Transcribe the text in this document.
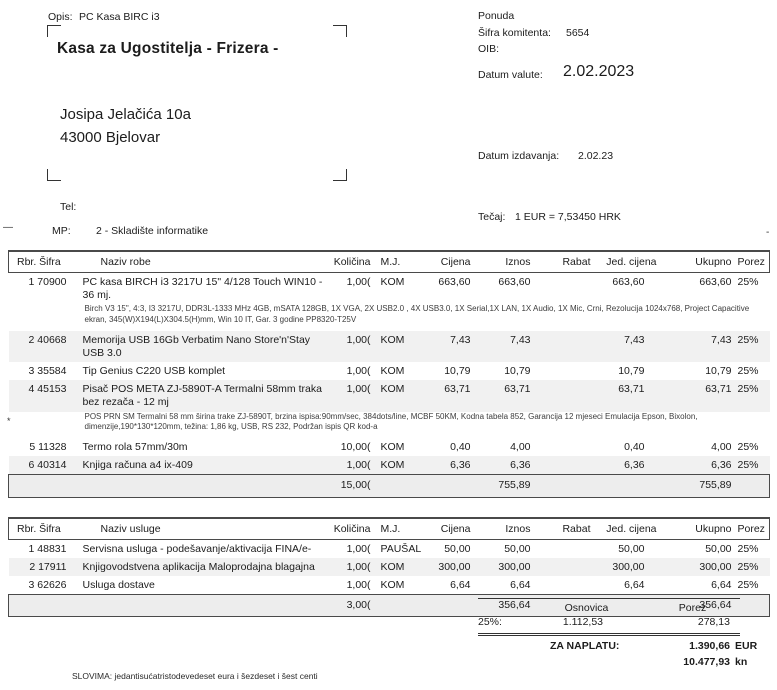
Opis: PC Kasa BIRC i3
Kasa za Ugostitelja - Frizera -
Josipa Jelačića 10a
43000 Bjelovar
Tel:
MP: 2 - Skladište informatike
—	-
*
Ponuda
Šifra komitenta: 5654
OIB:
Datum valute: 2.02.2023
Datum izdavanja: 2.02.23
Tečaj: 1 EUR = 7,53450 HRK
Rbr. Šifra	Naziv robe	Količina	M.J.	Cijena	Iznos	Rabat	Jed. cijena	Ukupno	Porez
1 70900	PC kasa BIRCH i3 3217U 15" 4/128 Touch WIN10 - 36 mj.	1,00(	KOM	663,60	663,60		663,60	663,60	25%
	Birch V3 15", 4:3, I3 3217U, DDR3L-1333 MHz 4GB, mSATA 128GB, 1X VGA, 2X USB2.0 , 4X USB3.0, 1X Serial,1X LAN, 1X Audio, 1X Mic, Crni, Rezolucija 1024x768, Project Capacitive ekran, 345(W)X194(L)X304.5(H)mm, Win 10 IT, Gar. 3 godine PP8320-T25V								
2 40668	Memorija USB 16Gb Verbatim Nano Store'n'Stay USB 3.0	1,00(	KOM	7,43	7,43		7,43	7,43	25%
3 35584	Tip Genius C220 USB komplet	1,00(	KOM	10,79	10,79		10,79	10,79	25%
4 45153	Pisač POS META ZJ-5890T-A Termalni 58mm traka bez rezača - 12 mj	1,00(	KOM	63,71	63,71		63,71	63,71	25%
	POS PRN SM Termalni 58 mm širina trake ZJ-5890T, brzina ispisa:90mm/sec, 384dots/line, MCBF 50KM, Kodna tabela 852, Garancija 12 mjeseci Emulacija Epson, Bixolon, dimenzije,190*130*120mm, težina: 1,86 kg, USB, RS 232, Podržan ispis QR kod-a								
5 11328	Termo rola 57mm/30m	10,00(	KOM	0,40	4,00		0,40	4,00	25%
6 40314	Knjiga računa a4 ix-409	1,00(	KOM	6,36	6,36		6,36	6,36	25%
		15,00(			755,89			755,89	
Rbr. Šifra	Naziv usluge	Količina	M.J.	Cijena	Iznos	Rabat	Jed. cijena	Ukupno	Porez
1 48831	Servisna usluga - podešavanje/aktivacija FINA/e-	1,00(	PAUŠAL	50,00	50,00		50,00	50,00	25%
2 17911	Knjigovodstvena aplikacija Maloprodajna blagajna	1,00(	KOM	300,00	300,00		300,00	300,00	25%
3 62626	Usluga dostave	1,00(	KOM	6,64	6,64		6,64	6,64	25%
		3,00(			356,64			356,64	
Osnovica	Porez
25%:	1.112,53	278,13
ZA NAPLATU:	1.390,66 EUR
10.477,93 kn
SLOVIMA: jedantisućatristodevedeset eura i šezdeset i šest centi
